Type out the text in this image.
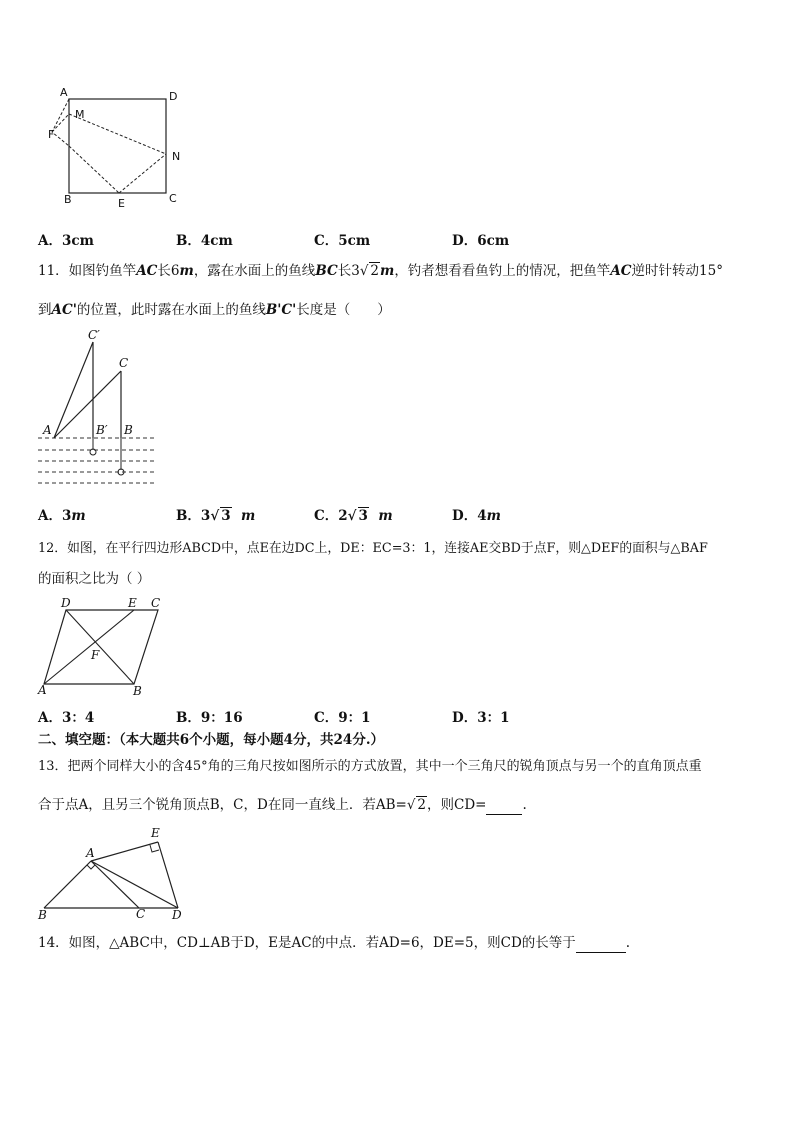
A	D
M
F
N
B	E	C
A．3cm	B．4cm	C．5cm	D．6cm
11．如图钓鱼竿AC长6m，露在水面上的鱼线BC长3√ 2m，钓者想看看鱼钓上的情况，把鱼竿AC逆时针转动15°
到AC'的位置，此时露在水面上的鱼线B'C'长度是（　　）
C′
C
A	B′ B
A．3m	B．3√ 3 m	C．2√ 3 m	D．4m
12．如图，在平行四边形ABCD中，点E在边DC上，DE：EC=3：1，连接AE交BD于点F，则△DEF的面积与△BAF
的面积之比为（ ）
D	E C
F
A	B
A．3：4	B．9：16	C．9：1	D．3：1
二、填空题：（本大题共6个小题，每小题4分，共24分.）
13．把两个同样大小的含45°角的三角尺按如图所示的方式放置，其中一个三角尺的锐角顶点与另一个的直角顶点重
合于点A，且另三个锐角顶点B，C，D在同一直线上．若AB=√ 2，则CD=	.
E
A
B	C D
14．如图，△ABC中，CD⊥AB于D，E是AC的中点．若AD=6，DE=5，则CD的长等于	.
